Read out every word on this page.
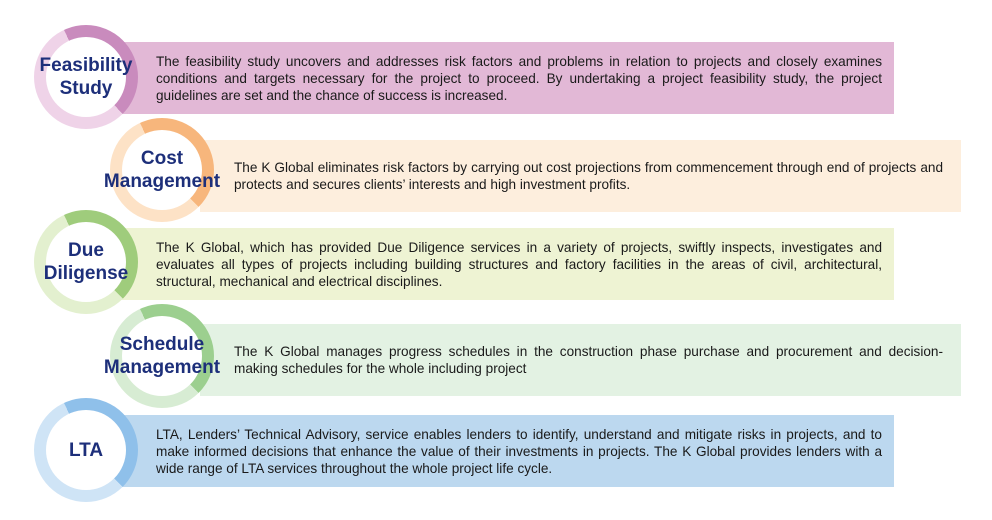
The feasibility study uncovers and addresses risk factors and problems in relation to projects and closely examines conditions and targets necessary for the project to proceed. By undertaking a project feasibility study, the project guidelines are set and the chance of success is increased.

Feasibility
Study

The K Global eliminates risk factors by carrying out cost projections from commencement through end of projects and protects and secures clients’ interests and high investment profits.

Cost
Management

The K Global, which has provided Due Diligence services in a variety of projects, swiftly inspects, investigates and evaluates all types of projects including building structures and factory facilities in the areas of civil, architectural, structural, mechanical and electrical disciplines.

Due
Diligense

The K Global manages progress schedules in the construction phase purchase and procurement and decision-making schedules for the whole including project

Schedule
Management

LTA, Lenders’ Technical Advisory, service enables lenders to identify, understand and mitigate risks in projects, and to make informed decisions that enhance the value of their investments in projects. The K Global provides lenders with a wide range of LTA services throughout the whole project life cycle.

LTA
